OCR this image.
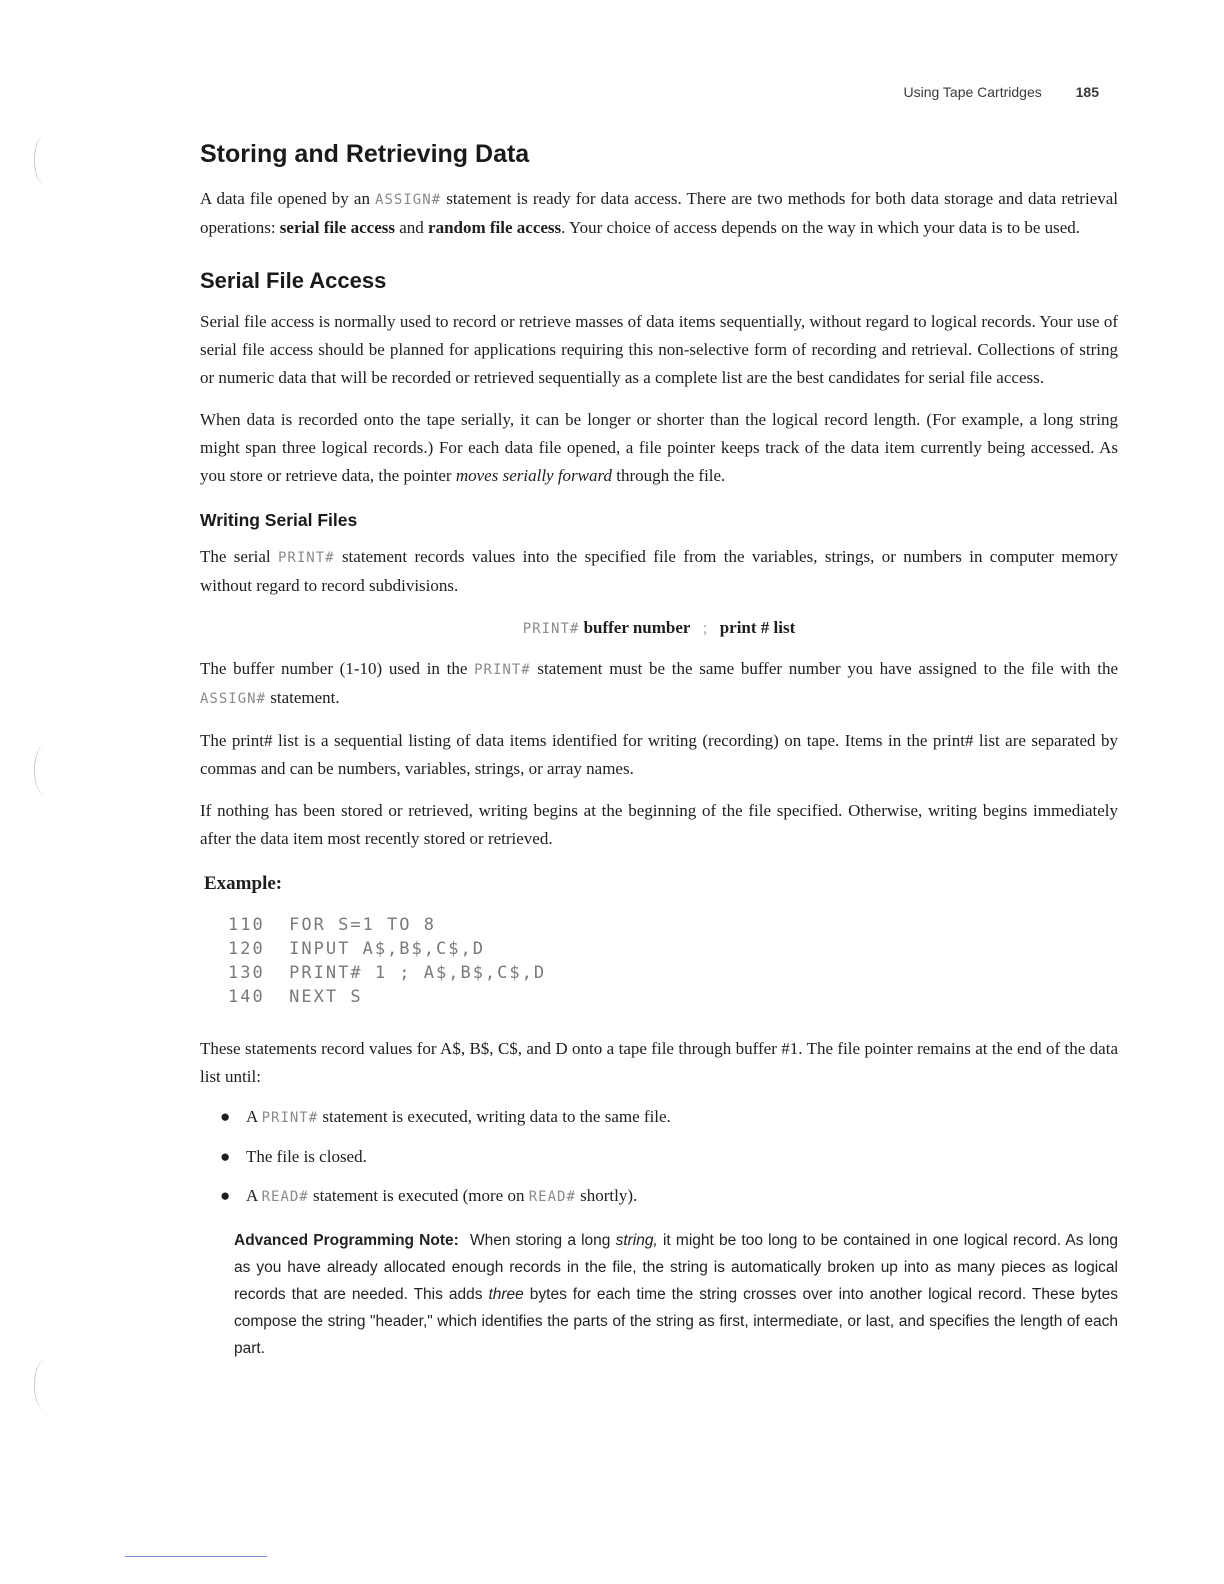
Using Tape Cartridges 185
Storing and Retrieving Data

A data file opened by an ASSIGN# statement is ready for data access. There are two methods for both data storage and data retrieval operations: serial file access and random file access. Your choice of access depends on the way in which your data is to be used.

Serial File Access

Serial file access is normally used to record or retrieve masses of data items sequentially, without regard to logical records. Your use of serial file access should be planned for applications requiring this non-selective form of recording and retrieval. Collections of string or numeric data that will be recorded or retrieved sequentially as a complete list are the best candidates for serial file access.

When data is recorded onto the tape serially, it can be longer or shorter than the logical record length. (For example, a long string might span three logical records.) For each data file opened, a file pointer keeps track of the data item currently being accessed. As you store or retrieve data, the pointer moves serially forward through the file.

Writing Serial Files

The serial PRINT# statement records values into the specified file from the variables, strings, or numbers in computer memory without regard to record subdivisions.

PRINT# buffer number ; print # list

The buffer number (1-10) used in the PRINT# statement must be the same buffer number you have assigned to the file with the ASSIGN# statement.

The print# list is a sequential listing of data items identified for writing (recording) on tape. Items in the print# list are separated by commas and can be numbers, variables, strings, or array names.

If nothing has been stored or retrieved, writing begins at the beginning of the file specified. Otherwise, writing begins immediately after the data item most recently stored or retrieved.

Example:
110  FOR S=1 TO 8
120  INPUT A$,B$,C$,D
130  PRINT# 1 ; A$,B$,C$,D
140  NEXT S

These statements record values for A$, B$, C$, and D onto a tape file through buffer #1. The file pointer remains at the end of the data list until:

● A PRINT# statement is executed, writing data to the same file.
● The file is closed.
● A READ# statement is executed (more on READ# shortly).
Advanced Programming Note: When storing a long string, it might be too long to be contained in one logical record. As long as you have already allocated enough records in the file, the string is automatically broken up into as many pieces as logical records that are needed. This adds three bytes for each time the string crosses over into another logical record. These bytes compose the string "header," which identifies the parts of the string as first, intermediate, or last, and specifies the length of each part.
